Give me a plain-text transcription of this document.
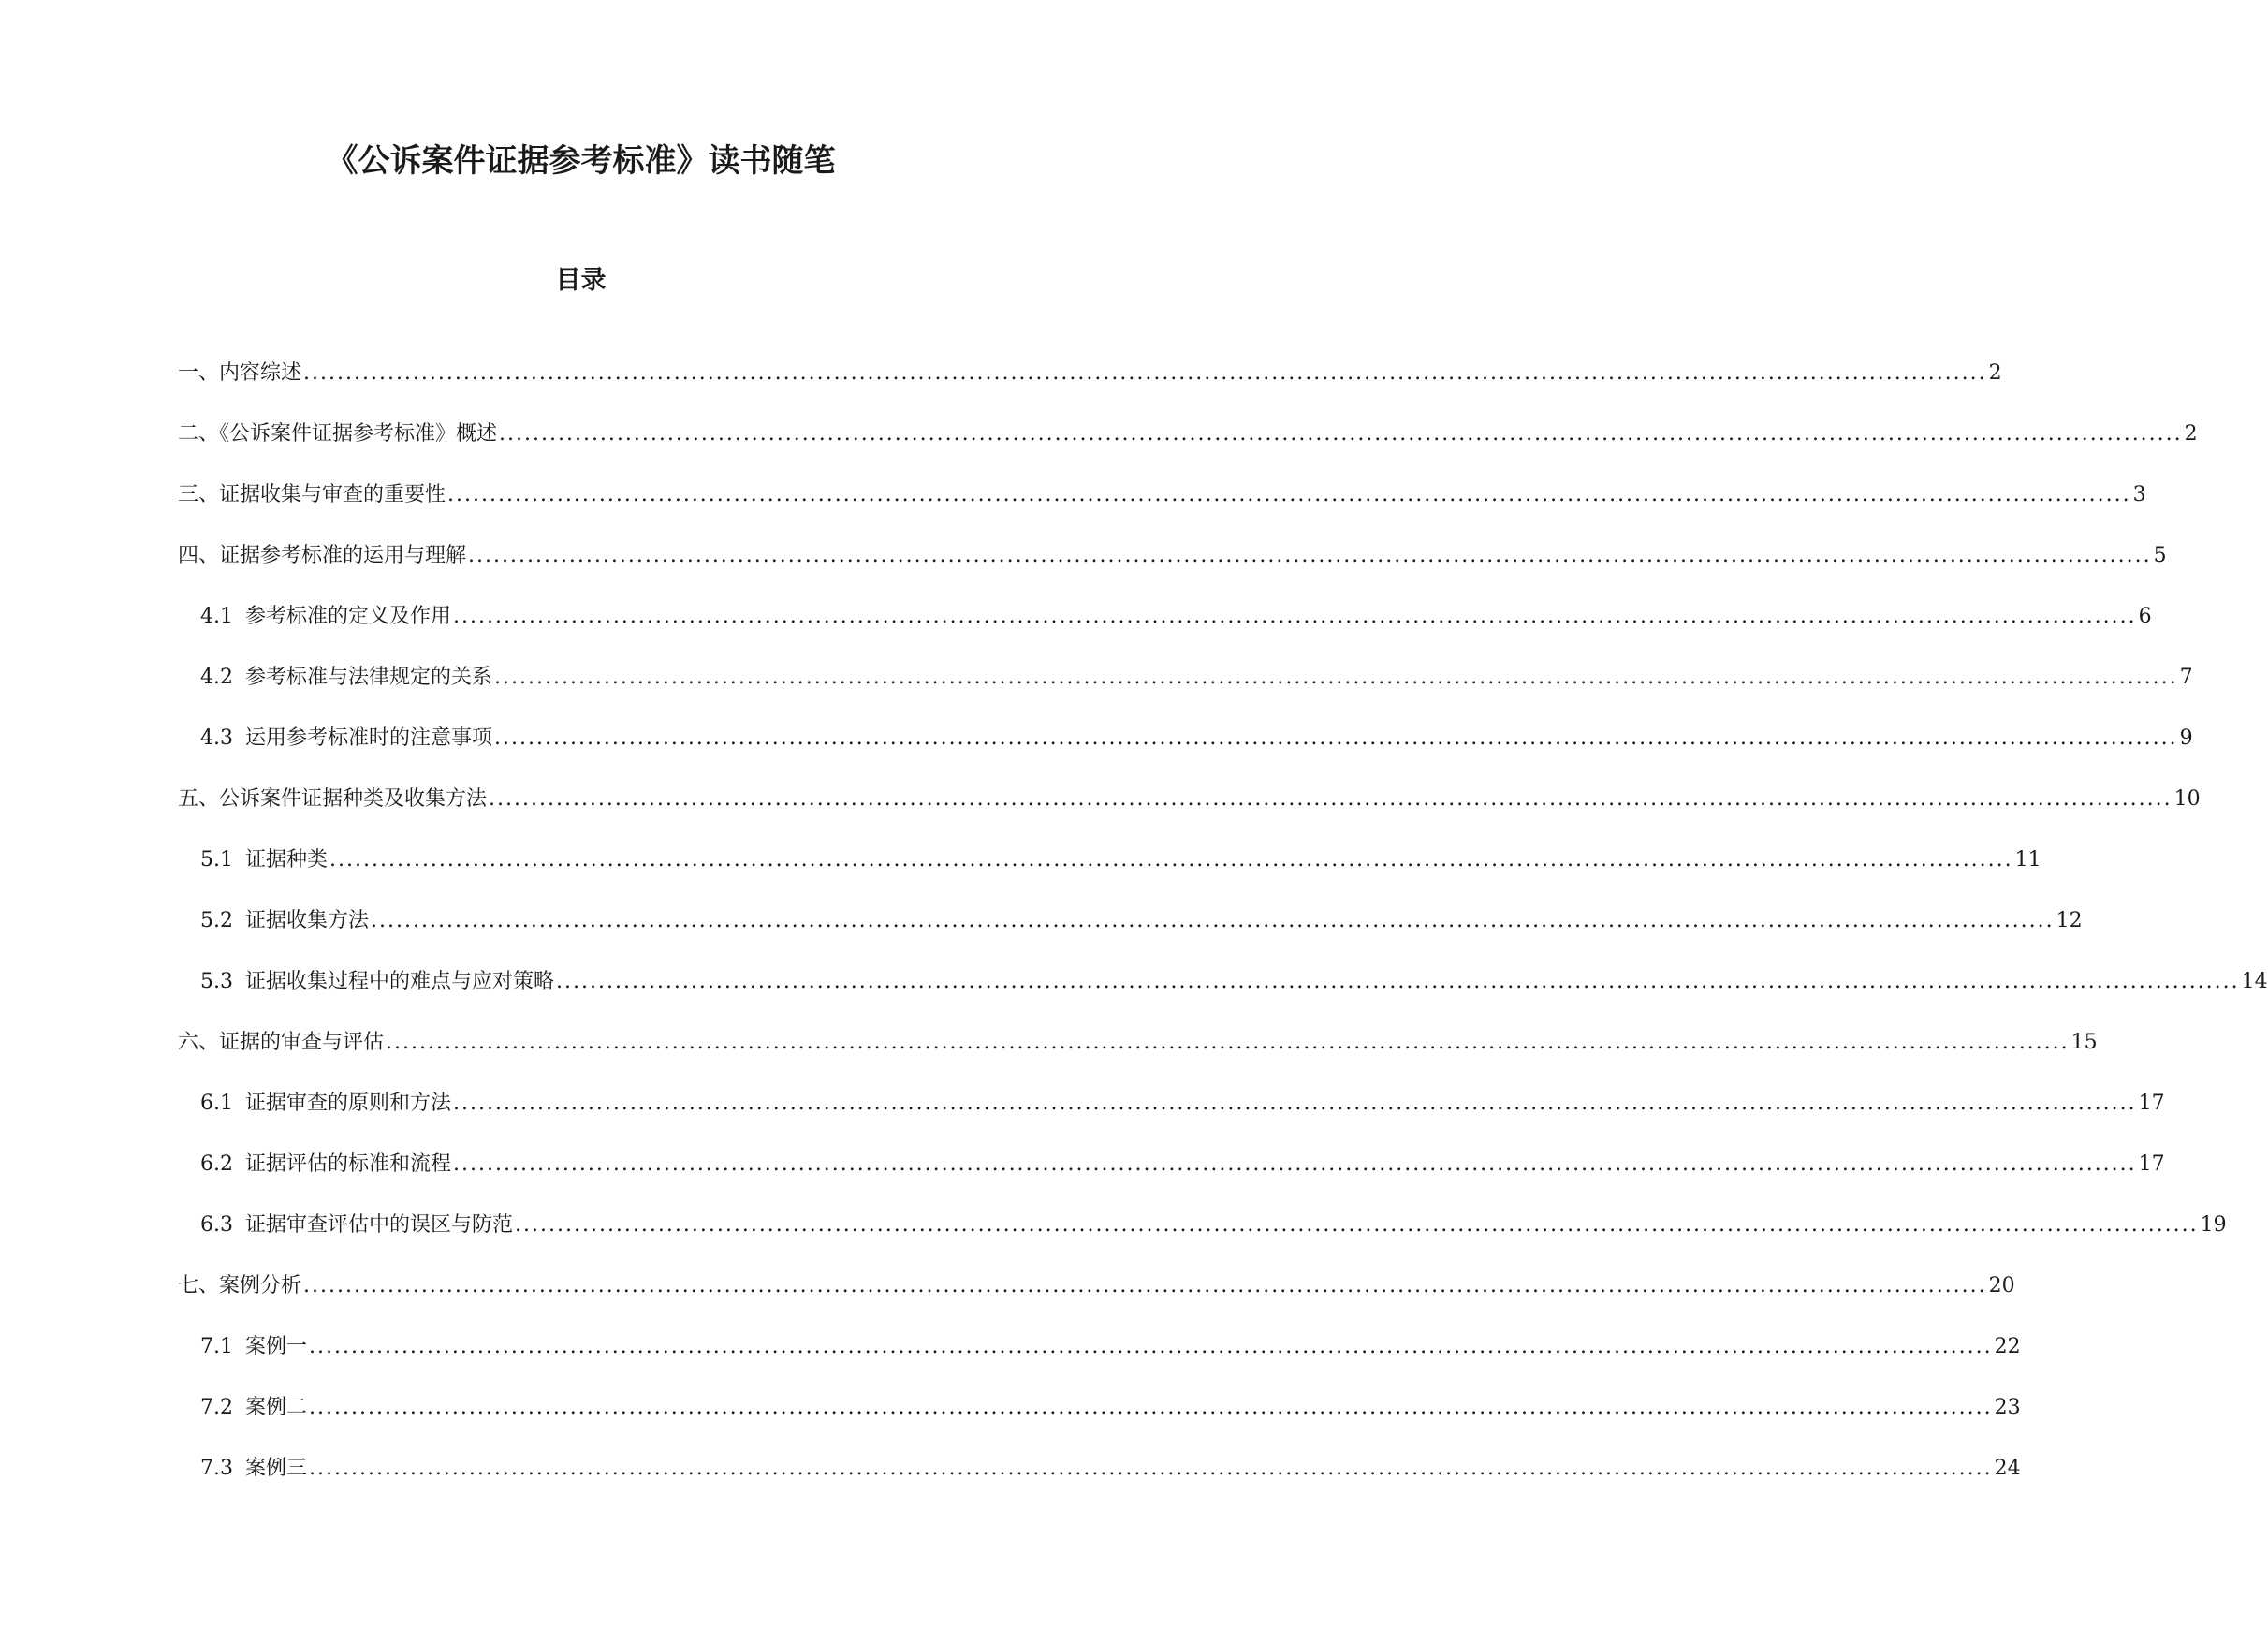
《公诉案件证据参考标准》读书随笔
目录
一、内容综述 ........................................................................................................................................................................................................ 2
二、《公诉案件证据参考标准》概述 ........................................................................................................................................................................................................ 2
三、证据收集与审查的重要性 ........................................................................................................................................................................................................ 3
四、证据参考标准的运用与理解 ........................................................................................................................................................................................................ 5
4.1 参考标准的定义及作用 ........................................................................................................................................................................................................ 6
4.2 参考标准与法律规定的关系 ........................................................................................................................................................................................................ 7
4.3 运用参考标准时的注意事项 ........................................................................................................................................................................................................ 9
五、公诉案件证据种类及收集方法 ........................................................................................................................................................................................................ 10
5.1 证据种类 ........................................................................................................................................................................................................ 11
5.2 证据收集方法 ........................................................................................................................................................................................................ 12
5.3 证据收集过程中的难点与应对策略 ........................................................................................................................................................................................................ 14
六、证据的审查与评估 ........................................................................................................................................................................................................ 15
6.1 证据审查的原则和方法 ........................................................................................................................................................................................................ 17
6.2 证据评估的标准和流程 ........................................................................................................................................................................................................ 17
6.3 证据审查评估中的误区与防范 ........................................................................................................................................................................................................ 19
七、案例分析 ........................................................................................................................................................................................................ 20
7.1 案例一 ........................................................................................................................................................................................................ 22
7.2 案例二 ........................................................................................................................................................................................................ 23
7.3 案例三 ........................................................................................................................................................................................................ 24
